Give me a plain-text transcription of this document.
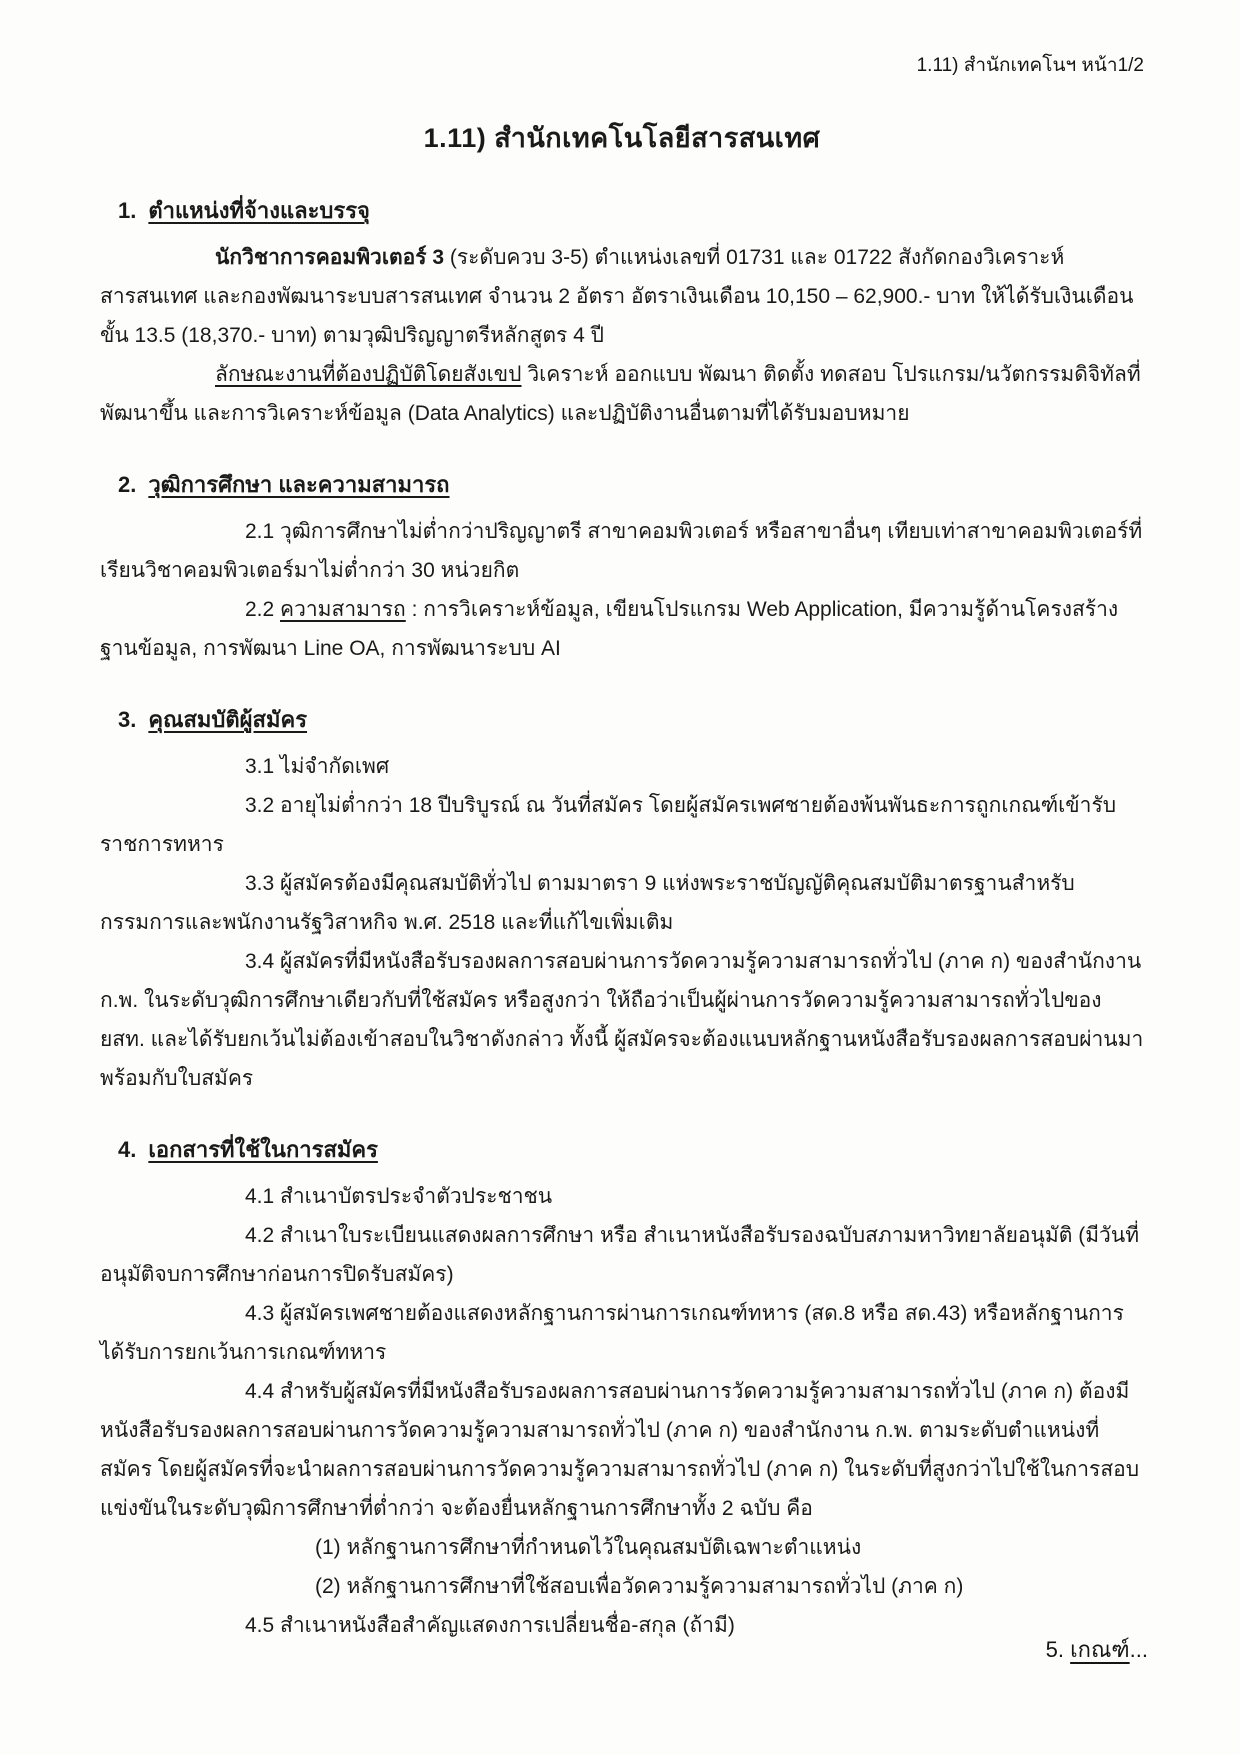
1.11) สำนักเทคโนฯ หน้า1/2
1.11) สำนักเทคโนโลยีสารสนเทศ
1. ตำแหน่งที่จ้างและบรรจุ

นักวิชาการคอมพิวเตอร์ 3 (ระดับควบ 3-5) ตำแหน่งเลขที่ 01731 และ 01722 สังกัดกองวิเคราะห์สารสนเทศ และกองพัฒนาระบบสารสนเทศ จำนวน 2 อัตรา อัตราเงินเดือน 10,150 – 62,900.- บาท ให้ได้รับเงินเดือน ขั้น 13.5 (18,370.- บาท) ตามวุฒิปริญญาตรีหลักสูตร 4 ปี

ลักษณะงานที่ต้องปฏิบัติโดยสังเขป วิเคราะห์ ออกแบบ พัฒนา ติดตั้ง ทดสอบ โปรแกรม/นวัตกรรมดิจิทัลที่พัฒนาขึ้น และการวิเคราะห์ข้อมูล (Data Analytics) และปฏิบัติงานอื่นตามที่ได้รับมอบหมาย

2. วุฒิการศึกษา และความสามารถ

2.1 วุฒิการศึกษาไม่ต่ำกว่าปริญญาตรี สาขาคอมพิวเตอร์ หรือสาขาอื่นๆ เทียบเท่าสาขาคอมพิวเตอร์ที่เรียนวิชาคอมพิวเตอร์มาไม่ต่ำกว่า 30 หน่วยกิต

2.2 ความสามารถ : การวิเคราะห์ข้อมูล, เขียนโปรแกรม Web Application, มีความรู้ด้านโครงสร้างฐานข้อมูล, การพัฒนา Line OA, การพัฒนาระบบ AI

3. คุณสมบัติผู้สมัคร

3.1 ไม่จำกัดเพศ

3.2 อายุไม่ต่ำกว่า 18 ปีบริบูรณ์ ณ วันที่สมัคร โดยผู้สมัครเพศชายต้องพ้นพันธะการถูกเกณฑ์เข้ารับราชการทหาร

3.3 ผู้สมัครต้องมีคุณสมบัติทั่วไป ตามมาตรา 9 แห่งพระราชบัญญัติคุณสมบัติมาตรฐานสำหรับกรรมการและพนักงานรัฐวิสาหกิจ พ.ศ. 2518 และที่แก้ไขเพิ่มเติม

3.4 ผู้สมัครที่มีหนังสือรับรองผลการสอบผ่านการวัดความรู้ความสามารถทั่วไป (ภาค ก) ของสำนักงาน ก.พ. ในระดับวุฒิการศึกษาเดียวกับที่ใช้สมัคร หรือสูงกว่า ให้ถือว่าเป็นผู้ผ่านการวัดความรู้ความสามารถทั่วไปของ ยสท. และได้รับยกเว้นไม่ต้องเข้าสอบในวิชาดังกล่าว ทั้งนี้ ผู้สมัครจะต้องแนบหลักฐานหนังสือรับรองผลการสอบผ่านมาพร้อมกับใบสมัคร

4. เอกสารที่ใช้ในการสมัคร

4.1 สำเนาบัตรประจำตัวประชาชน

4.2 สำเนาใบระเบียนแสดงผลการศึกษา หรือ สำเนาหนังสือรับรองฉบับสภามหาวิทยาลัยอนุมัติ (มีวันที่อนุมัติจบการศึกษาก่อนการปิดรับสมัคร)

4.3 ผู้สมัครเพศชายต้องแสดงหลักฐานการผ่านการเกณฑ์ทหาร (สด.8 หรือ สด.43) หรือหลักฐานการได้รับการยกเว้นการเกณฑ์ทหาร

4.4 สำหรับผู้สมัครที่มีหนังสือรับรองผลการสอบผ่านการวัดความรู้ความสามารถทั่วไป (ภาค ก) ต้องมีหนังสือรับรองผลการสอบผ่านการวัดความรู้ความสามารถทั่วไป (ภาค ก) ของสำนักงาน ก.พ. ตามระดับตำแหน่งที่สมัคร โดยผู้สมัครที่จะนำผลการสอบผ่านการวัดความรู้ความสามารถทั่วไป (ภาค ก) ในระดับที่สูงกว่าไปใช้ในการสอบแข่งขันในระดับวุฒิการศึกษาที่ต่ำกว่า จะต้องยื่นหลักฐานการศึกษาทั้ง 2 ฉบับ คือ

(1) หลักฐานการศึกษาที่กำหนดไว้ในคุณสมบัติเฉพาะตำแหน่ง

(2) หลักฐานการศึกษาที่ใช้สอบเพื่อวัดความรู้ความสามารถทั่วไป (ภาค ก)

4.5 สำเนาหนังสือสำคัญแสดงการเปลี่ยนชื่อ-สกุล (ถ้ามี)

5. เกณฑ์...
